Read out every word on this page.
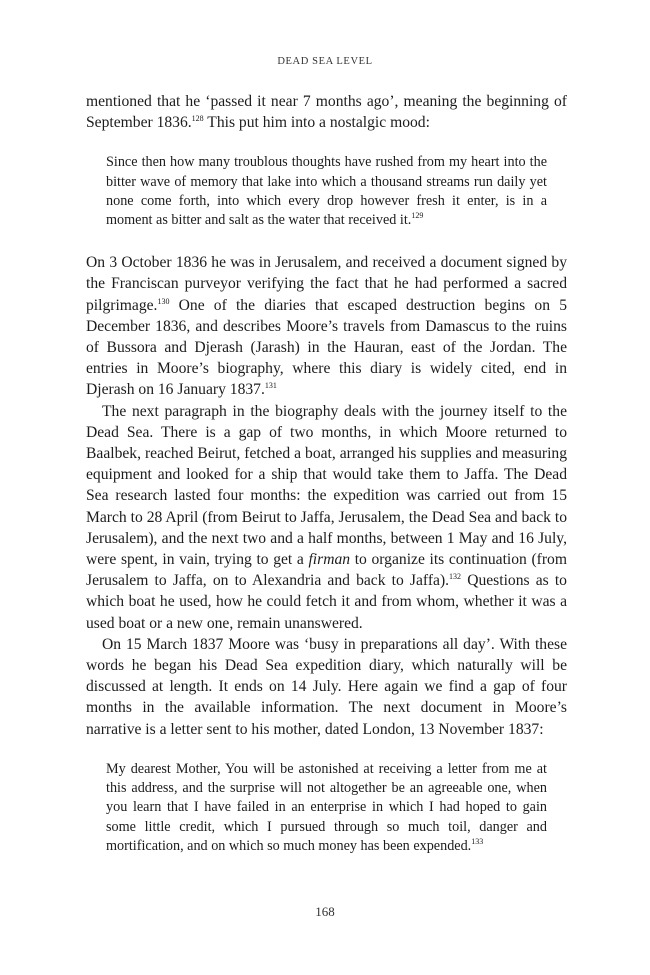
DEAD SEA LEVEL

mentioned that he ‘passed it near 7 months ago’, meaning the beginning of September 1836.$^{128}$ This put him into a nostalgic mood:

Since then how many troublous thoughts have rushed from my heart into the bitter wave of memory that lake into which a thousand streams run daily yet none come forth, into which every drop however fresh it enter, is in a moment as bitter and salt as the water that received it.$^{129}$

On 3 October 1836 he was in Jerusalem, and received a document signed by the Franciscan purveyor verifying the fact that he had performed a sacred pilgrimage.$^{130}$ One of the diaries that escaped destruction begins on 5 December 1836, and describes Moore’s travels from Damascus to the ruins of Bussora and Djerash (Jarash) in the Hauran, east of the Jordan. The entries in Moore’s biography, where this diary is widely cited, end in Djerash on 16 January 1837.$^{131}$

The next paragraph in the biography deals with the journey itself to the Dead Sea. There is a gap of two months, in which Moore returned to Baalbek, reached Beirut, fetched a boat, arranged his supplies and measuring equipment and looked for a ship that would take them to Jaffa. The Dead Sea research lasted four months: the expedition was carried out from 15 March to 28 April (from Beirut to Jaffa, Jerusalem, the Dead Sea and back to Jerusalem), and the next two and a half months, between 1 May and 16 July, were spent, in vain, trying to get a firman to organize its continuation (from Jerusalem to Jaffa, on to Alexandria and back to Jaffa).$^{132}$ Questions as to which boat he used, how he could fetch it and from whom, whether it was a used boat or a new one, remain unanswered.

On 15 March 1837 Moore was ‘busy in preparations all day’. With these words he began his Dead Sea expedition diary, which naturally will be discussed at length. It ends on 14 July. Here again we find a gap of four months in the available information. The next document in Moore’s narrative is a letter sent to his mother, dated London, 13 November 1837:

My dearest Mother, You will be astonished at receiving a letter from me at this address, and the surprise will not altogether be an agreeable one, when you learn that I have failed in an enterprise in which I had hoped to gain some little credit, which I pursued through so much toil, danger and mortification, and on which so much money has been expended.$^{133}$
168
